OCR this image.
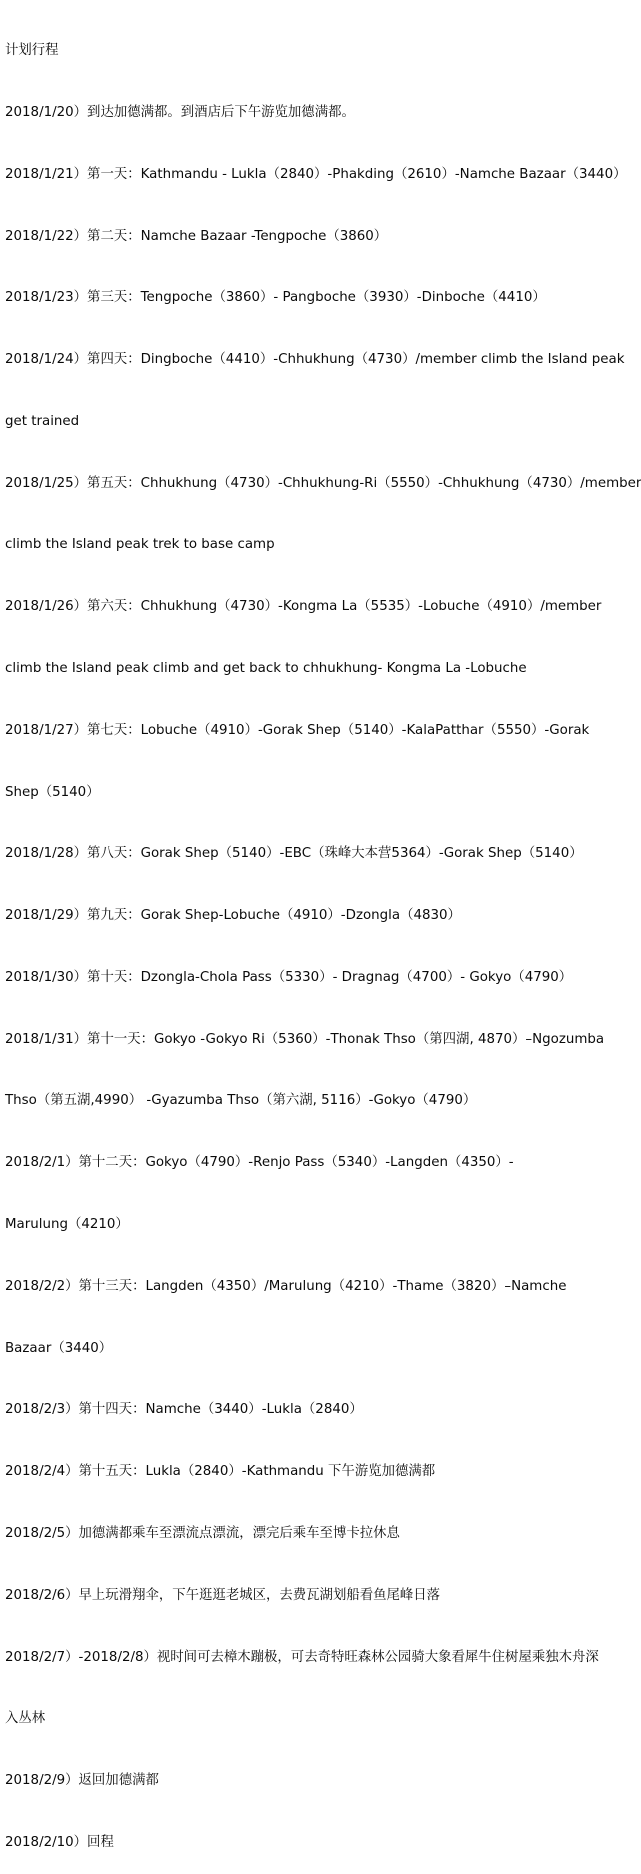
计划行程

2018/1/20）到达加德满都。到酒店后下午游览加德满都。

2018/1/21）第一天：Kathmandu - Lukla（2840）-Phakding（2610）-Namche Bazaar（3440）

2018/1/22）第二天：Namche Bazaar -Tengpoche（3860）

2018/1/23）第三天：Tengpoche（3860）- Pangboche（3930）-Dinboche（4410）

2018/1/24）第四天：Dingboche（4410）-Chhukhung（4730）/member climb the Island peak

get trained

2018/1/25）第五天：Chhukhung（4730）-Chhukhung-Ri（5550）-Chhukhung（4730）/member

climb the Island peak trek to base camp

2018/1/26）第六天：Chhukhung（4730）-Kongma La（5535）-Lobuche（4910）/member

climb the Island peak climb and get back to chhukhung- Kongma La -Lobuche

2018/1/27）第七天：Lobuche（4910）-Gorak Shep（5140）-KalaPatthar（5550）-Gorak

Shep（5140）

2018/1/28）第八天：Gorak Shep（5140）-EBC（珠峰大本营5364）-Gorak Shep（5140）

2018/1/29）第九天：Gorak Shep-Lobuche（4910）-Dzongla（4830）

2018/1/30）第十天：Dzongla-Chola Pass（5330）- Dragnag（4700）- Gokyo（4790）

2018/1/31）第十一天：Gokyo -Gokyo Ri（5360）-Thonak Thso（第四湖, 4870）–Ngozumba

Thso（第五湖,4990） -Gyazumba Thso（第六湖, 5116）-Gokyo（4790）

2018/2/1）第十二天：Gokyo（4790）-Renjo Pass（5340）-Langden（4350）-

Marulung（4210）

2018/2/2）第十三天：Langden（4350）/Marulung（4210）-Thame（3820）–Namche

Bazaar（3440）

2018/2/3）第十四天：Namche（3440）-Lukla（2840）

2018/2/4）第十五天：Lukla（2840）-Kathmandu 下午游览加德满都

2018/2/5）加德满都乘车至漂流点漂流，漂完后乘车至博卡拉休息

2018/2/6）早上玩滑翔伞，下午逛逛老城区，去费瓦湖划船看鱼尾峰日落

2018/2/7）-2018/2/8）视时间可去樟木蹦极，可去奇特旺森林公园骑大象看犀牛住树屋乘独木舟深

入丛林

2018/2/9）返回加德满都

2018/2/10）回程
